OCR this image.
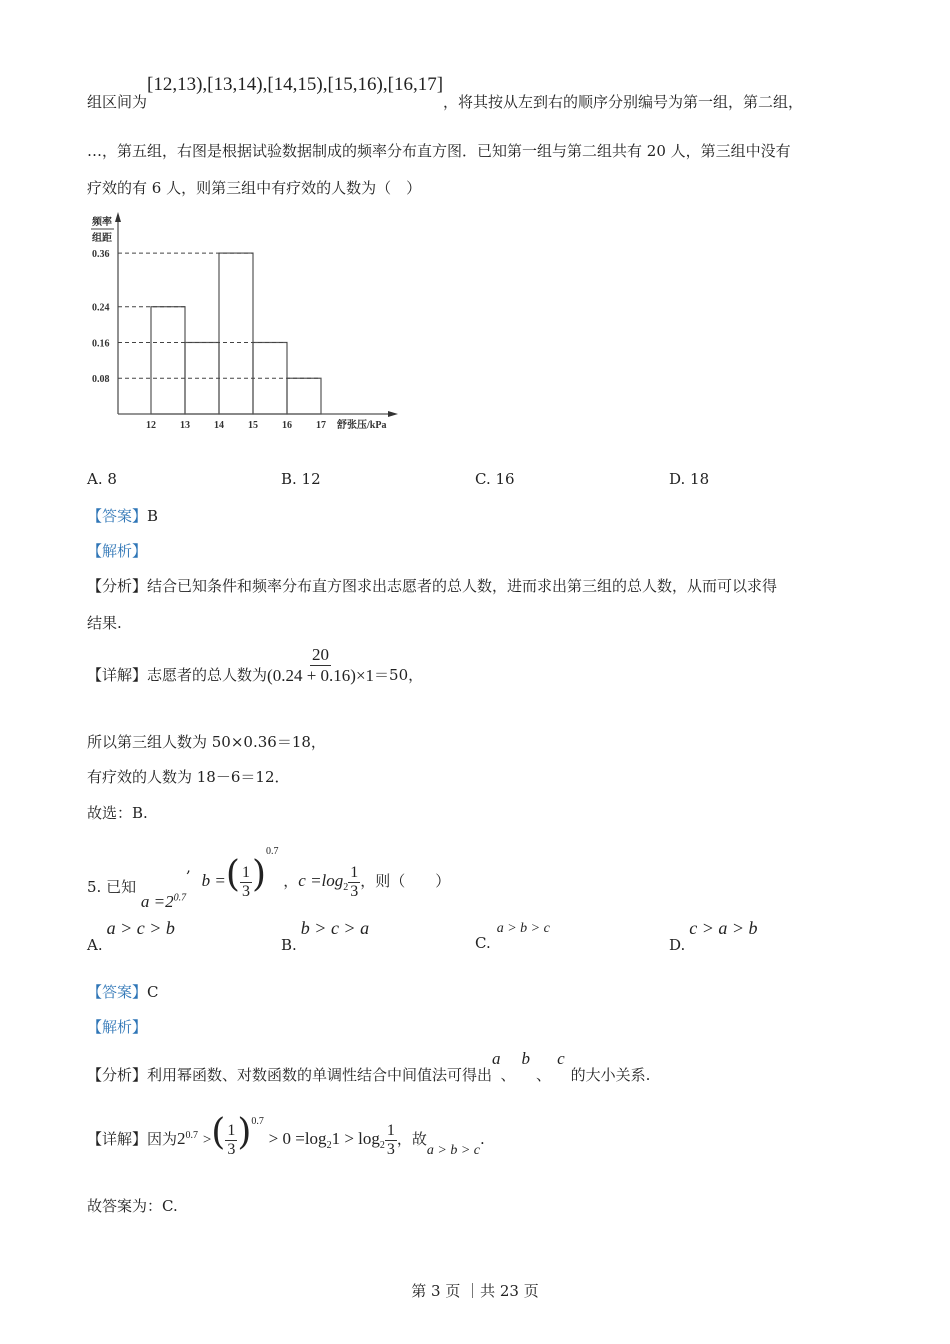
组区间为[12,13),[13,14),[14,15),[15,16),[16,17]，将其按从左到右的顺序分别编号为第一组，第二组，
…，第五组，右图是根据试验数据制成的频率分布直方图．已知第一组与第二组共有 20 人，第三组中没有
疗效的有 6 人，则第三组中有疗效的人数为（　）
0.08
0.16
0.24
0.36
12 13 14 15 16 17 舒张压/kPa
频率
组距
A. 8	B. 12	C. 16	D. 18
【答案】B
【解析】
【分析】结合已知条件和频率分布直方图求出志愿者的总人数，进而求出第三组的总人数，从而可以求得
结果.
【详解】志愿者的总人数为 $\frac{20}{(0.24 + 0.16)\times 1} =50$，
所以第三组人数为 50×0.36＝18，
有疗效的人数为 18－6＝12．
故选：B.
5. 已知 $a =2^{0.7}$, b =( $\frac{1}{3} )^{0.7}$ ，$c =\log_2 \frac{1}{3}$ ，则（　　）
A.a > c > b
B.b > c > a
C.a > b > c
D.c > a > b
【答案】C
【解析】
【分析】利用幂函数、对数函数的单调性结合中间值法可得出a、b、c的大小关系.
【详解】因为$2^{0.7}$ >( $\frac{1}{3} )^{0.7} > 0 =\log_21 > \log_2 \frac{1}{3}$ ，故a > b > c.
故答案为：C.
第 3 页 ｜共 23 页
